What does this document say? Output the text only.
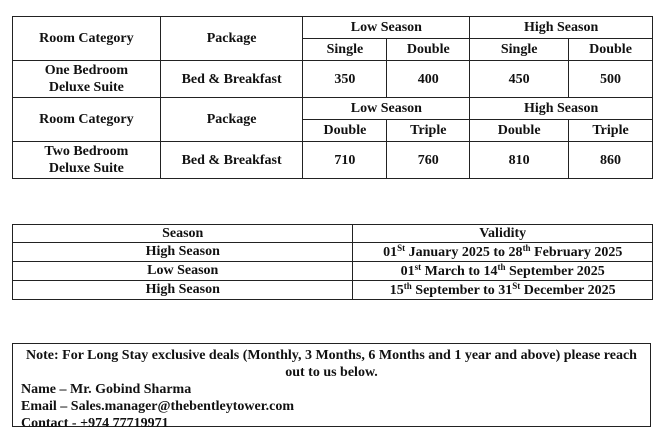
Room Category	Package	Low Season		High Season	
		Single	Double	Single	Double

One Bedroom
Deluxe Suite	Bed & Breakfast	350	400	450	500
Room Category	Package	Low Season		High Season	
		Double	Triple	Double	Triple

Two Bedroom
Deluxe Suite	Bed & Breakfast	710	760	810	860
Season	Validity
High Season	01St January 2025 to 28th February 2025
Low Season	01st March to 14th September 2025
High Season	15th September to 31St December 2025
Note: For Long Stay exclusive deals (Monthly, 3 Months, 6 Months and 1 year and above) please reach out to us below.
Name – Mr. Gobind Sharma
Email – Sales.manager@thebentleytower.com
Contact - +974 77719971
